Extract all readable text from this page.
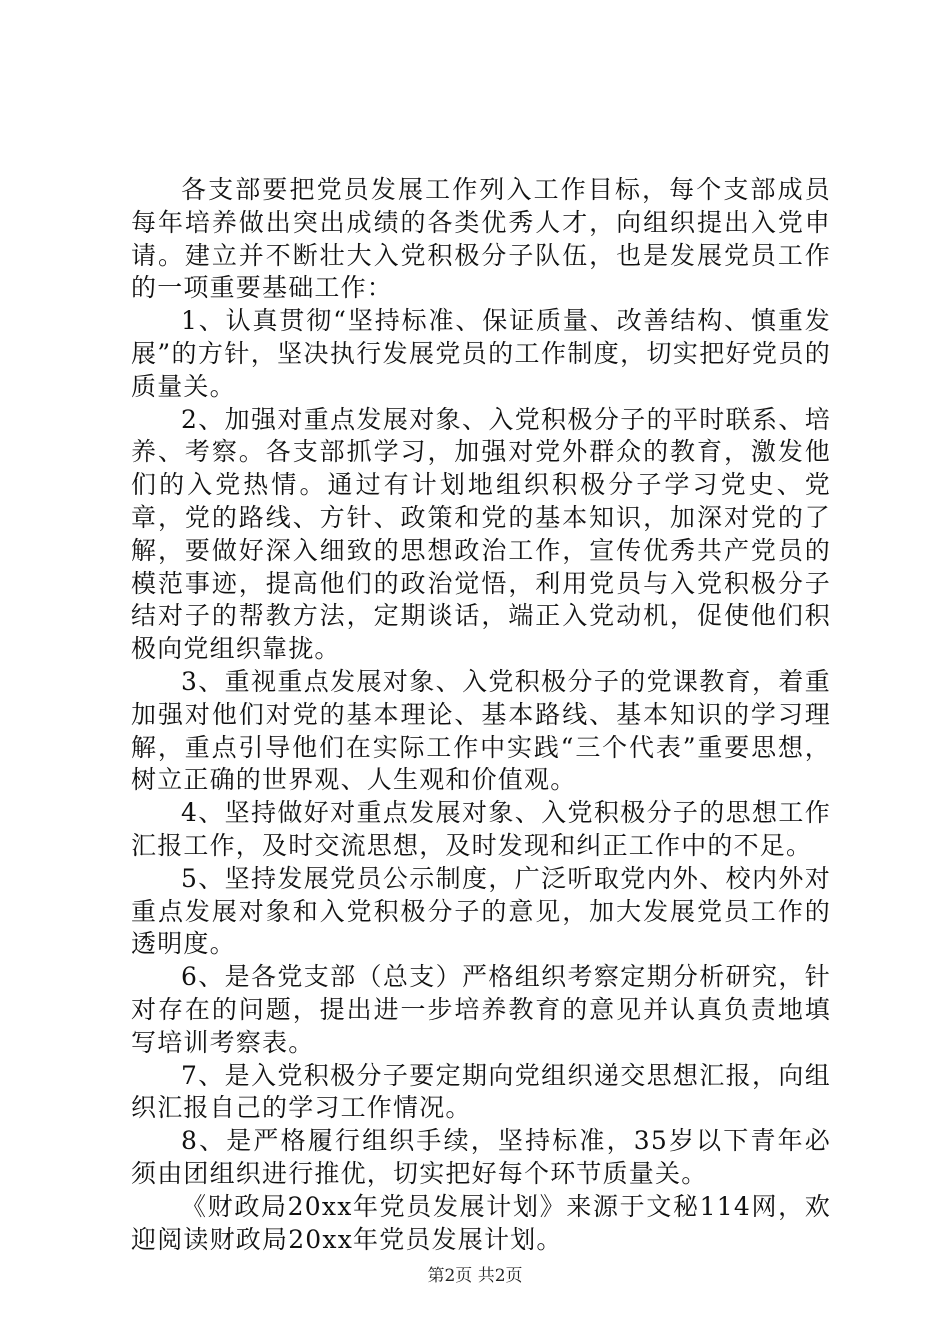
各支部要把党员发展工作列入工作目标，每个支部成员每年培养做出突出成绩的各类优秀人才，向组织提出入党申请。建立并不断壮大入党积极分子队伍，也是发展党员工作的一项重要基础工作：

1、认真贯彻“坚持标准、保证质量、改善结构、慎重发展”的方针，坚决执行发展党员的工作制度，切实把好党员的质量关。

2、加强对重点发展对象、入党积极分子的平时联系、培养、考察。各支部抓学习，加强对党外群众的教育，激发他们的入党热情。通过有计划地组织积极分子学习党史、党章，党的路线、方针、政策和党的基本知识，加深对党的了解，要做好深入细致的思想政治工作，宣传优秀共产党员的模范事迹，提高他们的政治觉悟，利用党员与入党积极分子结对子的帮教方法，定期谈话，端正入党动机，促使他们积极向党组织靠拢。

3、重视重点发展对象、入党积极分子的党课教育，着重加强对他们对党的基本理论、基本路线、基本知识的学习理解，重点引导他们在实际工作中实践“三个代表”重要思想，树立正确的世界观、人生观和价值观。

4、坚持做好对重点发展对象、入党积极分子的思想工作汇报工作，及时交流思想，及时发现和纠正工作中的不足。

5、坚持发展党员公示制度，广泛听取党内外、校内外对重点发展对象和入党积极分子的意见，加大发展党员工作的透明度。

6、是各党支部（总支）严格组织考察定期分析研究，针对存在的问题，提出进一步培养教育的意见并认真负责地填写培训考察表。

7、是入党积极分子要定期向党组织递交思想汇报，向组织汇报自己的学习工作情况。

8、是严格履行组织手续，坚持标准，35岁以下青年必须由团组织进行推优，切实把好每个环节质量关。

《财政局20xx年党员发展计划》来源于文秘114网，欢迎阅读财政局20xx年党员发展计划。

第2页 共2页
